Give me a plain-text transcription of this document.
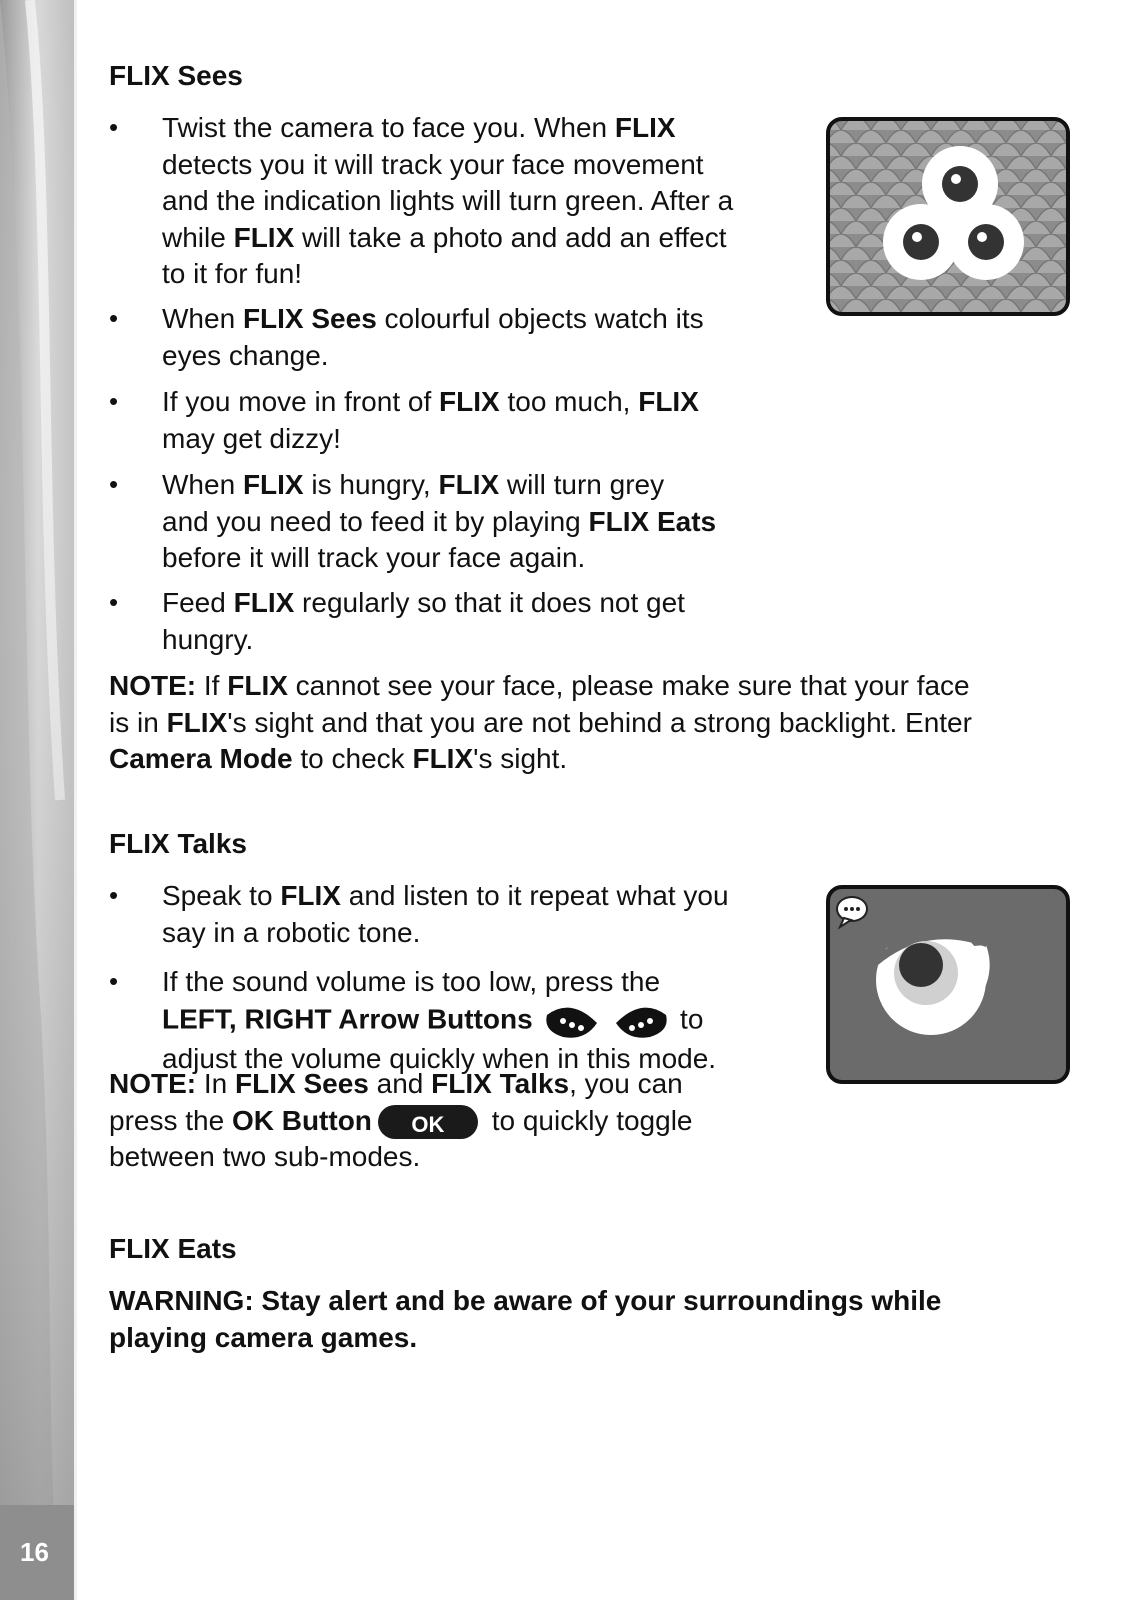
16
FLIX Sees
• Twist the camera to face you. When FLIX
detects you it will track your face movement
and the indication lights will turn green. After a
while FLIX will take a photo and add an effect
to it for fun!
• When FLIX Sees colourful objects watch its
eyes change.
• If you move in front of FLIX too much, FLIX
may get dizzy!
• When FLIX is hungry, FLIX will turn grey
and you need to feed it by playing FLIX Eats
before it will track your face again.
• Feed FLIX regularly so that it does not get
hungry.
NOTE: If FLIX cannot see your face, please make sure that your face
is in FLIX's sight and that you are not behind a strong backlight. Enter
Camera Mode to check FLIX's sight.
FLIX Talks
• Speak to FLIX and listen to it repeat what you
say in a robotic tone.
• If the sound volume is too low, press the
LEFT, RIGHT Arrow Buttons	to
adjust the volume quickly when in this mode.
NOTE: In FLIX Sees and FLIX Talks, you can
press the OK Button OK to quickly toggle
between two sub-modes.
FLIX Eats
WARNING: Stay alert and be aware of your surroundings while
playing camera games.
